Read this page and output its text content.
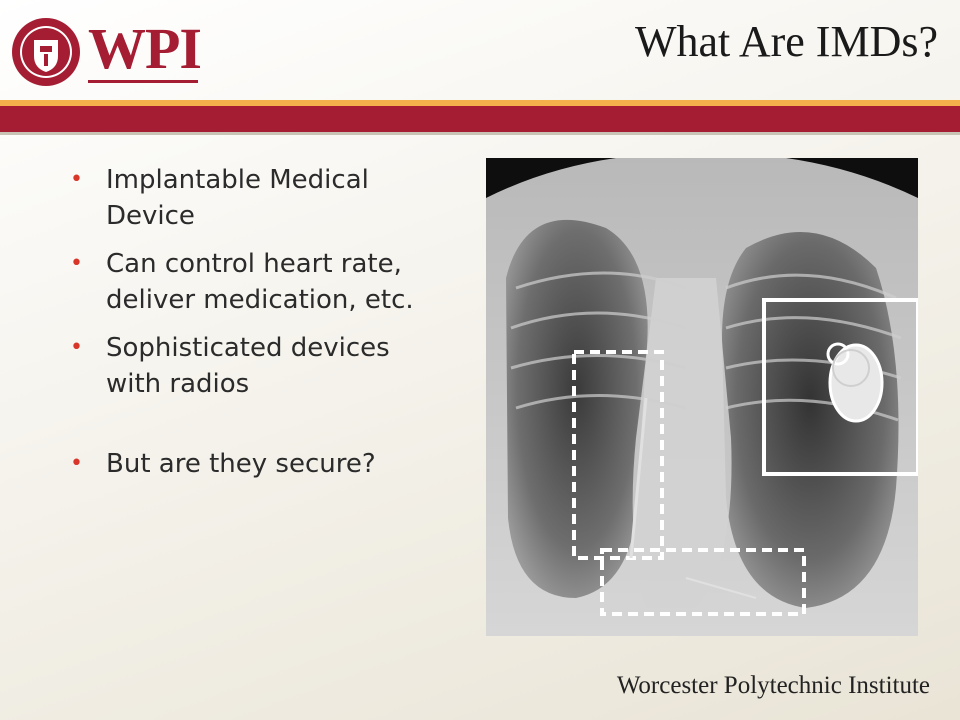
WPI	What Are IMDs?
• Implantable Medical Device
• Can control heart rate, deliver medication, etc.
• Sophisticated devices with radios
• But are they secure?
Worcester Polytechnic Institute
